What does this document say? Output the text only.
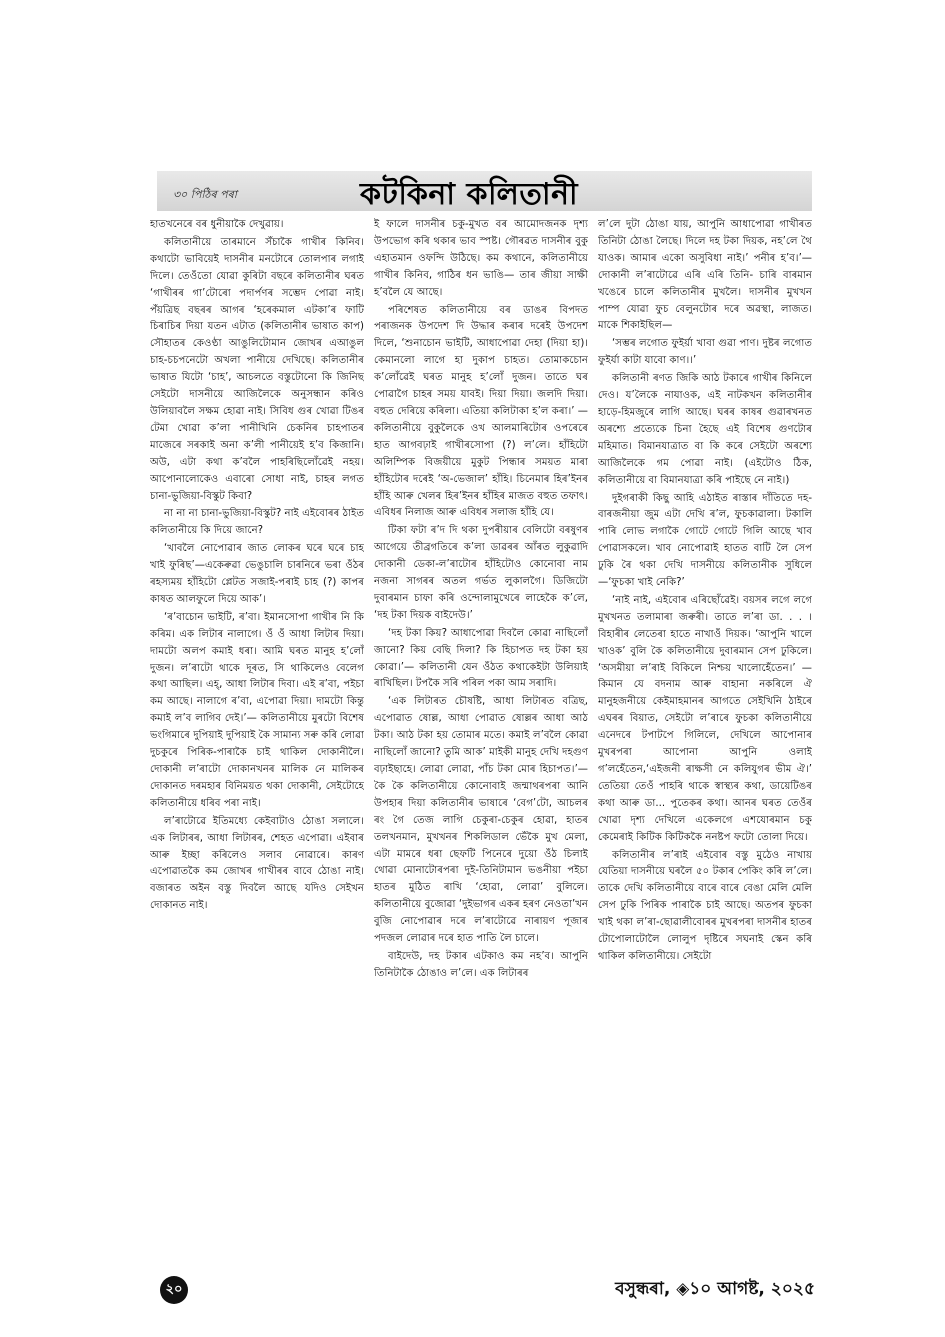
৩০ পিঠিৰ পৰা	কটকিনা কলিতানী

হাতখনেৰে বৰ ধুনীয়াকৈ দেখুৱায়।

কলিতানীয়ে তাৰমানে সঁচাকৈ গাখীৰ কিনিব। কথাটো ভাবিয়েই দাসনীৰ মনটোৰে তোলপাৰ লগাই দিলে। তেওঁতো যোৱা কুৰিটা বছৰে কলিতানীৰ ঘৰত ‘গাখীৰৰ গা’টোৰো পদাৰ্পণৰ সম্ভেদ পোৱা নাই। পঁয়ত্ৰিছ বছৰৰ আগৰ ‘হৰেকমাল এটকা’ৰ ফাটি চিৰাচিৰ দিয়া যতন এটাত (কলিতানীৰ ভাষাত কাপ) সৌহাতৰ কেওণ্ঠা আঙুলিটোমান জোখৰ এআঙুল চাহ-চচপনেটো অখলা পানীয়ে দেখিছে। কলিতানীৰ ভাষাত যিটো ‘চাহ’, আচলতে বস্তুটোনো কি জিনিছ সেইটো দাসনীয়ে আজিলৈকে অনুসন্ধান কৰিও উলিয়াবলৈ সক্ষম হোৱা নাই। সিবিধ গুৰ খোৱা টিঙৰ টেমা খোৱা ক’লা পানীখিনি চেকনিৰ চাহপাতৰ মাজেৰে সৰকাই অনা ক’লী পানীয়েই হ’ব কিজানি। অউ, এটা কথা ক’বলৈ পাহৰিছিলোঁৱেই নহয়। আপোনালোকেও এবাৰো সোধা নাই, চাহৰ লগত চানা-ভুজিয়া-বিস্কুট কিবা?

না না না চানা-ভুজিয়া-বিস্কুট? নাই এইবোৰৰ ঠাইত কলিতানীয়ে কি দিয়ে জানে?

‘খাবলৈ নোপোৱাৰ জাত লোকৰ ঘৰে ঘৰে চাহ খাই ফুৰিছ’—একেৰুৱা ভেঙুচালি চাৰনিৰে ভৰা ওঁঠৰ ৰহস্যময় হাঁহিটো প্লেটত সজাই-পৰাই চাহ (?) কাপৰ কাষত আলফুলে দিয়ে আক’।

‘ৰ’বাচোন ভাইটি, ৰ’বা। ইমানসোপা গাখীৰ নি কি কৰিম। এক লিটাৰ নালাগে। ওঁ ওঁ আধা লিটাৰ দিয়া। দামটো অলপ কমাই ধৰা। আমি ঘৰত মানুহ হ’লোঁ দুজন। ল’ৰাটো থাকে দূৰত, সি থাকিলেও বেলেগ কথা আছিল। এহ্, আধা লিটাৰ দিবা। এই ৰ’বা, পইচা কম আছে। নালাগে ৰ’বা, এপোৱা দিয়া। দামটো কিন্তু কমাই ল’ব লাগিব দেই।’— কলিতানীয়ে মুৰটো বিশেষ ভংগিমাৰে দুপিয়াই দুপিয়াই কৈ সামান্য সৰু কৰি লোৱা দুচকুৰে পিৰিক-পাৰাকৈ চাই থাকিল দোকানীলৈ। দোকানী ল’ৰাটো দোকানখনৰ মালিক নে মালিকৰ দোকানত দৰমহাৰ বিনিময়ত থকা দোকানী, সেইটোহে কলিতানীয়ে ধৰিব পৰা নাই।

ল’ৰাটোৱে ইতিমধ্যে কেইবাটাও ঠোঙা সলালে। এক লিটাৰৰ, আধা লিটাৰৰ, শেহত এপোৱা। এইবাৰ আৰু ইচ্ছা কৰিলেও সলাব নোৱাৰে। কাৰণ এপোৱাতকৈ কম জোখৰ গাখীৰৰ বাবে ঠোঙা নাই। বজাৰত অইন বস্তু দিবলৈ আছে যদিও সেইখন দোকানত নাই।

ই ফালে দাসনীৰ চকু-মুখত বৰ আমোদজনক দৃশ্য উপভোগ কৰি থকাৰ ভাব স্পষ্ট। গৌৰৱত দাসনীৰ বুকু এহাতমান ওফন্দি উঠিছে। কম কথানে, কলিতানীয়ে গাখীৰ কিনিব, গাঠিৰ ধন ভাঙি— তাৰ জীয়া সাক্ষী হ’বলৈ যে আছে।

পৰিশেষত কলিতানীয়ে বৰ ডাঙৰ বিপদত পৰাজনক উপদেশ দি উদ্ধাৰ কৰাৰ দৰেই উপদেশ দিলে, ‘শুনাচোন ভাইটি, আধাপোৱা দেহা (দিয়া হা)। কেমানলো লাগে হা দুকাপ চাহত। তোমাকচোন ক’লোঁৱেই ঘৰত মানুহ হ’লোঁ দুজন। তাতে ঘৰ পোৱাগৈ চাহৰ সময় যাবই। দিয়া দিয়া। জলদি দিয়া। বহুত দেৰিয়ে কৰিলা। এতিয়া কলিটাকা হ’ল কৰা।’ — কলিতানীয়ে বুকুলৈকে ওখ আলমাৰিটোৰ ওপৰেৰে হাত আগবঢ়াই গাখীৰসোপা (?) ল’লে। হাঁহিটো অলিম্পিক বিজয়ীয়ে মুকুট পিন্ধাৰ সময়ত মাৰা হাঁহিটোৰ দৰেই ‘অ-ভেজাল’ হাঁহি। চিনেমাৰ হিৰ’ইনৰ হাঁহি আৰু খেলৰ হিৰ’ইনৰ হাঁহিৰ মাজত বহুত তফাৎ। এবিধৰ নিলাজ আৰু এবিধৰ সলাজ হাঁহি যে।

টিকা ফটা ৰ’দ দি থকা দুপৰীয়াৰ বেলিটো বৰষুণৰ আগেয়ে তীব্ৰগতিৰে ক’লা ডাৱৰৰ আঁৰত লুকুৱাদি দোকানী ডেকা-ল’ৰাটোৰ হাঁহিটোও কোনোবা নাম নজনা সাগৰৰ অতল গৰ্ভত লুকালগৈ। ডিজিটো দুবাৰমান চাফা কৰি ওন্দোলামুখেৰে লাহেকৈ ক’লে, ‘দহ টকা দিয়ক বাইদেউ।’

‘দহ টকা কিয়? আধাপোৱা দিবলৈ কোৱা নাছিলোঁ জানো? কিয় বেছি দিলা? কি হিচাপত দহ টকা হয় কোৱা।’— কলিতানী যেন ওঁঠত কথাকেইটা উলিয়াই ৰাখিছিল। টপকৈ সৰি পৰিল পকা আম সৰাদি।

‘এক লিটাৰত চৌষষ্টি, আধা লিটাৰত বত্ৰিছ, এপোৱাত ষোল্ল, আধা পোৱাত ষোল্লৰ আধা আঠ টকা। আঠ টকা হয় তোমাৰ মতে। কমাই ল’বলৈ কোৱা নাছিলোঁ জানো? তুমি আক’ মাইকী মানুহ দেখি দহগুণ বঢ়াইছাহে। লোৱা লোৱা, পাঁচ টকা মোৰ হিচাপত।’— কৈ কৈ কলিতানীয়ে কোনোবাই জন্মাথৰপৰা আনি উপহাৰ দিয়া কলিতানীৰ ভাষাৰে ‘বেগ’টো, আচলৰ ৰং গৈ তেজ লাগি চেকুৰা-চেকুৰ হোৱা, হাতৰ তলখনমান, মুখখনৰ শিকলিডাল ভেঁকৈ মুখ মেলা, এটা মামৰে ধৰা ছেফটি পিনেৰে দুয়ো ওঁঠ চিলাই থোৱা মোনাটোৰপৰা দুই-তিনিটামান ভঙনীয়া পইচা হাতৰ মুঠিত ৰাখি ‘হোৱা, লোৱা’ বুলিলে। কলিতানীয়ে বুজোৱা ‘দুইভাগৰ একৰ হৰণ নেওতা’খন বুজি নোপোৱাৰ দৰে ল’ৰাটোৱে নাৰায়ণ পূজাৰ পদজল লোৱাৰ দৰে হাত পাতি লৈ চালে।

বাইদেউ, দহ টকাৰ এটকাও কম নহ’ব। আপুনি তিনিটাকৈ ঠোঙাও ল’লে। এক লিটাৰৰ

ল’লে দুটা ঠোঙা যায়, আপুনি আধাপোৱা গাখীৰত তিনিটা ঠোঙা লৈছে। দিলে দহ টকা দিয়ক, নহ’লে থৈ যাওক। আমাৰ একো অসুবিধা নাই।’ পনীৰ হ’ব।’— দোকানী ল’ৰাটোৱে এৰি এৰি তিনি- চাৰি বাৰমান খঙেৰে চালে কলিতানীৰ মুখলৈ। দাসনীৰ মুখখন পাম্প যোৱা ফুচ বেলুনটোৰ দৰে অৱস্থা, লাজত। মাকে শিকাইছিল—

‘সম্ভৰ লগোত ফুইৰ্য়া খাবা গুৱা পাণ। দুষ্টৰ লগোত ফুইৰ্যা কাটা যাবো কাণ।।’

কলিতানী ৰণত জিকি আঠ টকাৰে গাখীৰ কিনিলে দেও। য’লৈকে নাযাওক, এই নাটকখন কলিতানীৰ হাড়ে-হিমজুৰে লাগি আছে। ঘৰৰ কাষৰ গুৱাৰখনত অৰশ্যে প্ৰত্যেকে চিনা হৈছে এই বিশেষ গুণটোৰ মহিমাত। বিমানযাত্ৰাত বা কি কৰে সেইটো অৰশ্যে আজিলৈকে গম পোৱা নাই। (এইটোও ঠিক, কলিতানীয়ে বা বিমানযাত্ৰা কৰি পাইছে নে নাই।)

দুইগৰাকী কিছু আহি এঠাইত ৰাস্তাৰ দাঁতিতে দহ-বাৰজনীয়া জুম এটা দেখি ৰ’ল, ফুচকাৱালা। টকালি পাৰি লোভ লগাকৈ গোটে গোটে গিলি আছে খাব পোৱাসকলে। খাব নোপোৱাই হাতত বাটি লৈ সেপ ঢুকি ৰৈ থকা দেখি দাসনীয়ে কলিতানীক সুধিলে—‘ফুচকা খাই নেকি?’

‘নাই নাই, এইবোৰ এৰিছোঁৱেই। বয়সৰ লগে লগে মুখখনত তলামাৰা জৰুৰী। তাতে ল’ৰা ডা. . . ।বিহাৰীৰ লেতেৰা হাতে নাখাওঁ দিয়ক। ‘আপুনি খালে খাওক’ বুলি কৈ কলিতানীয়ে দুবাৰমান সেপ ঢুকিলে। ‘অসমীয়া ল’ৰাই বিকিলে নিশ্চয় খালোহেঁতেন।’ —কিমান যে বদনাম আৰু বাহানা নকৰিলে ঐ মানুহজনীয়ে কেইমাহমানৰ আগতে সেইখিনি ঠাইৰে এঘৰৰ বিয়াত, সেইটো ল’ৰাৰে ফুচকা কলিতানীয়ে এনেদৰে টপাটপে গিলিলে, দেখিলে আপোনাৰ মুখৰপৰা আপোনা আপুনি ওলাই গ’লহেঁতেন,‘এইজনী ৰাক্ষসী নে কলিযুগৰ ভীম ঐ।’ তেতিয়া তেওঁ পাহৰি থাকে স্বাস্থ্যৰ কথা, ডায়েটিঙৰ কথা আৰু ডা... পুতেকৰ কথা। আনৰ ঘৰত তেওঁৰ খোৱা দৃশ্য দেখিলে একেলগে এশযোৰমান চকু কেমেৰাই কিটিক কিটিককৈ ননষ্টপ ফটো তোলা দিয়ে।

কলিতানীৰ ল’ৰাই এইবোৰ বস্তু মুঠেও নাখায় যেতিয়া দাসনীয়ে ঘৰলৈ ৫০ টকাৰ পেকিং কৰি ল’লে। তাকে দেখি কলিতানীয়ে বাৰে বাৰে বেঙা মেলি মেলি সেপ ঢুকি পিৰিক পাৰাকৈ চাই আছে। অতপৰ ফুচকা খাই থকা ল’ৰা-ছোৱালীবোৰৰ মুখৰপৰা দাসনীৰ হাতৰ টোপোলাটোলৈ লোলুপ দৃষ্টিৰে সঘনাই স্কেন কৰি থাকিল কলিতানীয়ে। সেইটো

২০	বসুন্ধৰা, ◈১০ আগষ্ট, ২০২৫
